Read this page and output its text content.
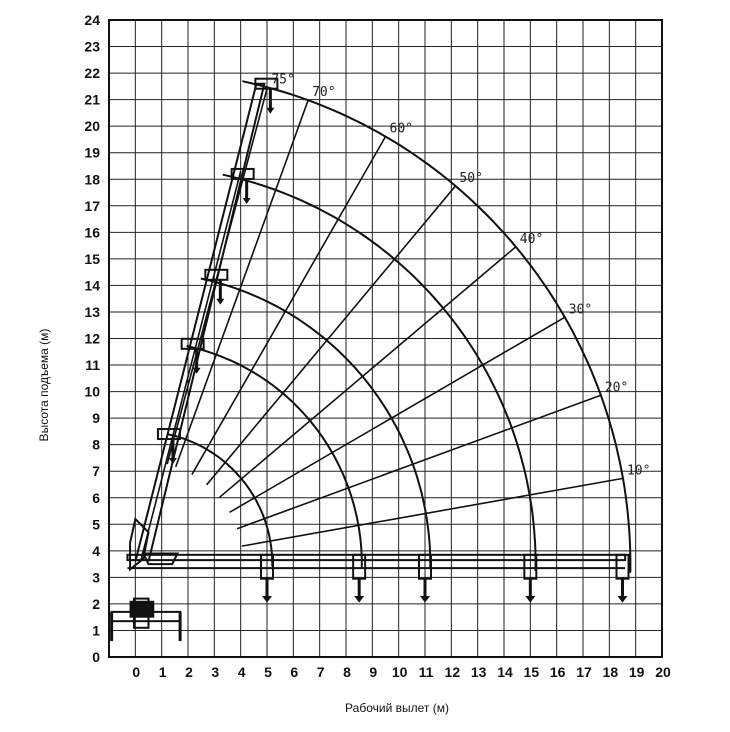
0 1 2 3 4 5 6 7 8 9 10 11 12 13 14 15 16 17 18 19 20
0
1
2
3
4
5
6
7
8
9
10
11
12
13
14
15
16
17
18
19
20
21
22
23
24
75°
70°
60°
50°
40°
30°
20°
10°
Рабочий вылет (м)
Высота подъема (м)
